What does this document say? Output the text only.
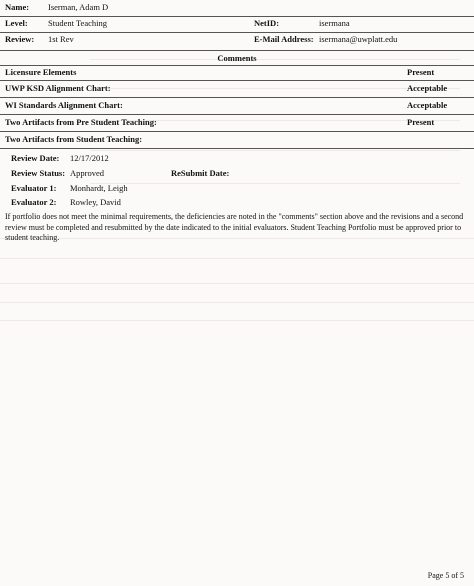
Name: Iserman, Adam D
Level: Student Teaching	NetID:	isermana
Review: 1st Rev	E-Mail Address: isermana@uwplatt.edu
Comments
Licensure Elements	Present
UWP KSD Alignment Chart:	Acceptable
WI Standards Alignment Chart:	Acceptable
Two Artifacts from Pre Student Teaching:	Present
Two Artifacts from Student Teaching:
Review Date: 12/17/2012
Review Status: Approved	ReSubmit Date:
Evaluator 1: Monhardt, Leigh
Evaluator 2: Rowley, David
If portfolio does not meet the minimal requirements, the deficiencies are noted in the "comments" section above and the revisions and a second review must be completed and resubmitted by the date indicated to the initial evaluators. Student Teaching Portfolio must be approved prior to student teaching.
Page 5 of 5
